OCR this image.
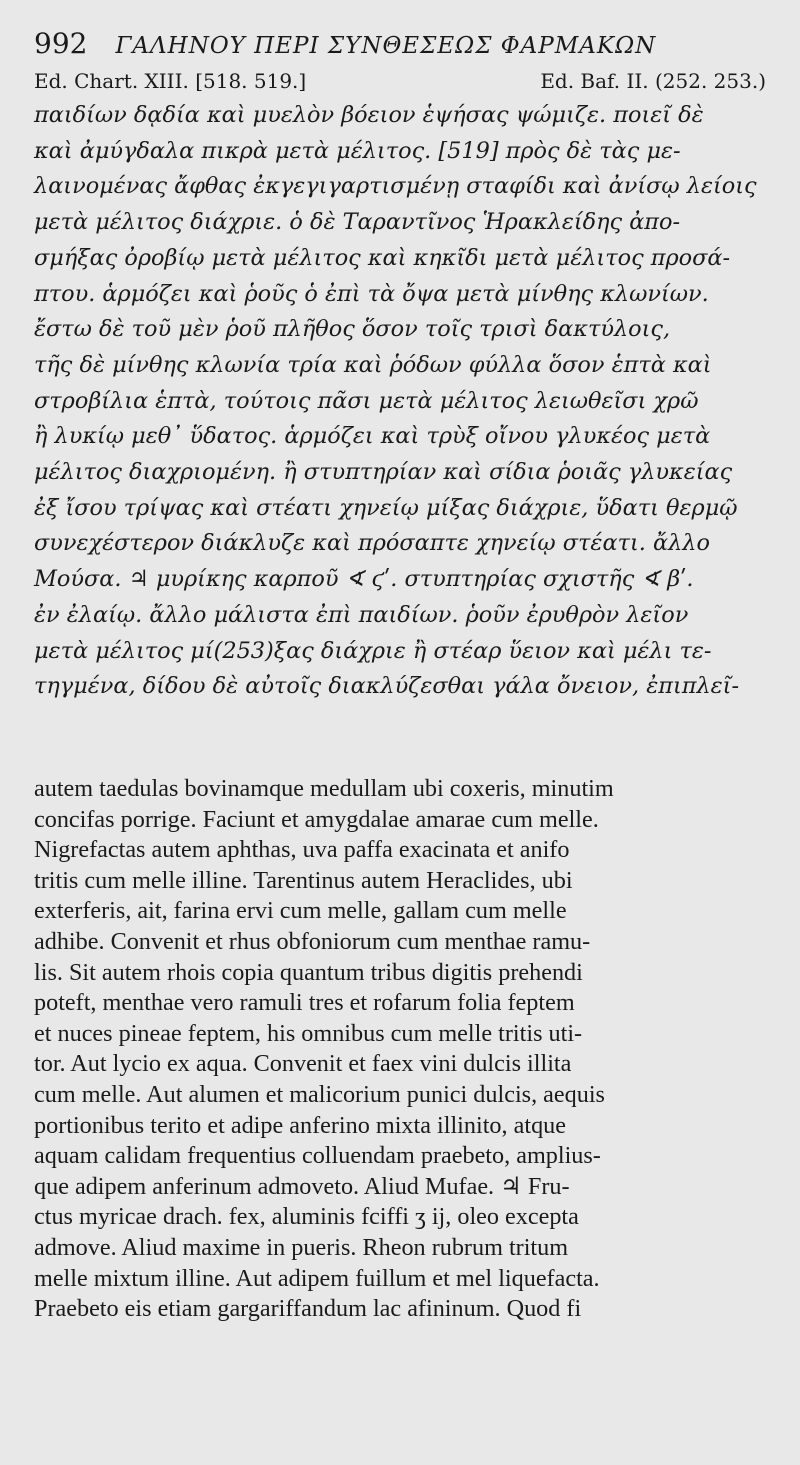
992 ΓΑΛΗΝΟΥ ΠΕΡΙ ΣΥΝΘΕΣΕΩΣ ΦΑΡΜΑΚΩΝ
Ed. Chart. XIII. [518. 519.]	Ed. Baf. II. (252. 253.)
παιδίων δᾳδία καὶ μυελὸν βόειον ἑψήσας ψώμιζε. ποιεῖ δὲ
καὶ ἀμύγδαλα πικρὰ μετὰ μέλιτος. [519] πρὸς δὲ τὰς με-
λαινομένας ἄφθας ἐκγεγιγαρτισμένῃ σταφίδι καὶ ἀνίσῳ λείοις
μετὰ μέλιτος διάχριε. ὁ δὲ Ταραντῖνος Ἡρακλείδης ἀπο-
σμήξας ὀροβίῳ μετὰ μέλιτος καὶ κηκῖδι μετὰ μέλιτος προσά-
πτου. ἁρμόζει καὶ ῥοῦς ὁ ἐπὶ τὰ ὄψα μετὰ μίνθης κλωνίων.
ἔστω δὲ τοῦ μὲν ῥοῦ πλῆθος ὅσον τοῖς τρισὶ δακτύλοις,
τῆς δὲ μίνθης κλωνία τρία καὶ ῥόδων φύλλα ὅσον ἑπτὰ καὶ
στροβίλια ἑπτὰ, τούτοις πᾶσι μετὰ μέλιτος λειωθεῖσι χρῶ
ἢ λυκίῳ μεθ᾽ ὕδατος. ἁρμόζει καὶ τρὺξ οἴνου γλυκέος μετὰ
μέλιτος διαχριομένη. ἢ στυπτηρίαν καὶ σίδια ῥοιᾶς γλυκείας
ἐξ ἴσου τρίψας καὶ στέατι χηνείῳ μίξας διάχριε, ὕδατι θερμῷ
συνεχέστερον διάκλυζε καὶ πρόσαπτε χηνείῳ στέατι. ἄλλο
Μούσα. ♃ μυρίκης καρποῦ ∢ ϛʹ. στυπτηρίας σχιστῆς ∢ βʹ.
ἐν ἐλαίῳ. ἄλλο μάλιστα ἐπὶ παιδίων. ῥοῦν ἐρυθρὸν λεῖον
μετὰ μέλιτος μί(253)ξας διάχριε ἢ στέαρ ὕειον καὶ μέλι τε-
τηγμένα, δίδου δὲ αὐτοῖς διακλύζεσθαι γάλα ὄνειον, ἐπιπλεῖ-
autem taedulas bovinamque medullam ubi coxeris, minutim
concifas porrige. Faciunt et amygdalae amarae cum melle.
Nigrefactas autem aphthas, uva paffa exacinata et anifo
tritis cum melle illine. Tarentinus autem Heraclides, ubi
exterferis, ait, farina ervi cum melle, gallam cum melle
adhibe. Convenit et rhus obfoniorum cum menthae ramu-
lis. Sit autem rhois copia quantum tribus digitis prehendi
poteft, menthae vero ramuli tres et rofarum folia feptem
et nuces pineae feptem, his omnibus cum melle tritis uti-
tor. Aut lycio ex aqua. Convenit et faex vini dulcis illita
cum melle. Aut alumen et malicorium punici dulcis, aequis
portionibus terito et adipe anferino mixta illinito, atque
aquam calidam frequentius colluendam praebeto, amplius-
que adipem anferinum admoveto. Aliud Mufae. ♃ Fru-
ctus myricae drach. fex, aluminis fciffi ʒ ij, oleo excepta
admove. Aliud maxime in pueris. Rheon rubrum tritum
melle mixtum illine. Aut adipem fuillum et mel liquefacta.
Praebeto eis etiam gargariffandum lac afininum. Quod fi
